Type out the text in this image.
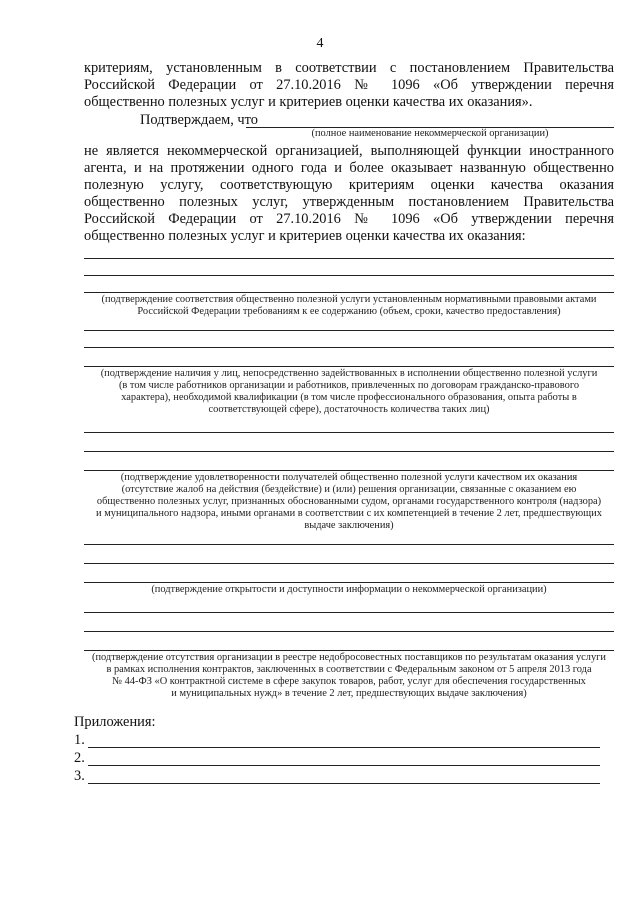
4
критериям, установленным в соответствии с постановлением Правительства
Российской Федерации от 27.10.2016 № 1096 «Об утверждении перечня
общественно полезных услуг и критериев оценки качества их оказания».
Подтверждаем, что
(полное наименование некоммерческой организации)
не является некоммерческой организацией, выполняющей функции иностранного
агента, и на протяжении одного года и более оказывает названную общественно
полезную услугу, соответствующую критериям оценки качества оказания
общественно полезных услуг, утвержденным постановлением Правительства
Российской Федерации от 27.10.2016 № 1096 «Об утверждении перечня
общественно полезных услуг и критериев оценки качества их оказания:
(подтверждение соответствия общественно полезной услуги установленным нормативными правовыми актами
Российской Федерации требованиям к ее содержанию (объем, сроки, качество предоставления)
(подтверждение наличия у лиц, непосредственно задействованных в исполнении общественно полезной услуги
(в том числе работников организации и работников, привлеченных по договорам гражданско-правового
характера), необходимой квалификации (в том числе профессионального образования, опыта работы в
соответствующей сфере), достаточность количества таких лиц)
(подтверждение удовлетворенности получателей общественно полезной услуги качеством их оказания
(отсутствие жалоб на действия (бездействие) и (или) решения организации, связанные с оказанием ею
общественно полезных услуг, признанных обоснованными судом, органами государственного контроля (надзора)
и муниципального надзора, иными органами в соответствии с их компетенцией в течение 2 лет, предшествующих
выдаче заключения)
(подтверждение открытости и доступности информации о некоммерческой организации)
(подтверждение отсутствия организации в реестре недобросовестных поставщиков по результатам оказания услуги
в рамках исполнения контрактов, заключенных в соответствии с Федеральным законом от 5 апреля 2013 года
№ 44-ФЗ «О контрактной системе в сфере закупок товаров, работ, услуг для обеспечения государственных
и муниципальных нужд» в течение 2 лет, предшествующих выдаче заключения)
Приложения:
1.
2.
3.
